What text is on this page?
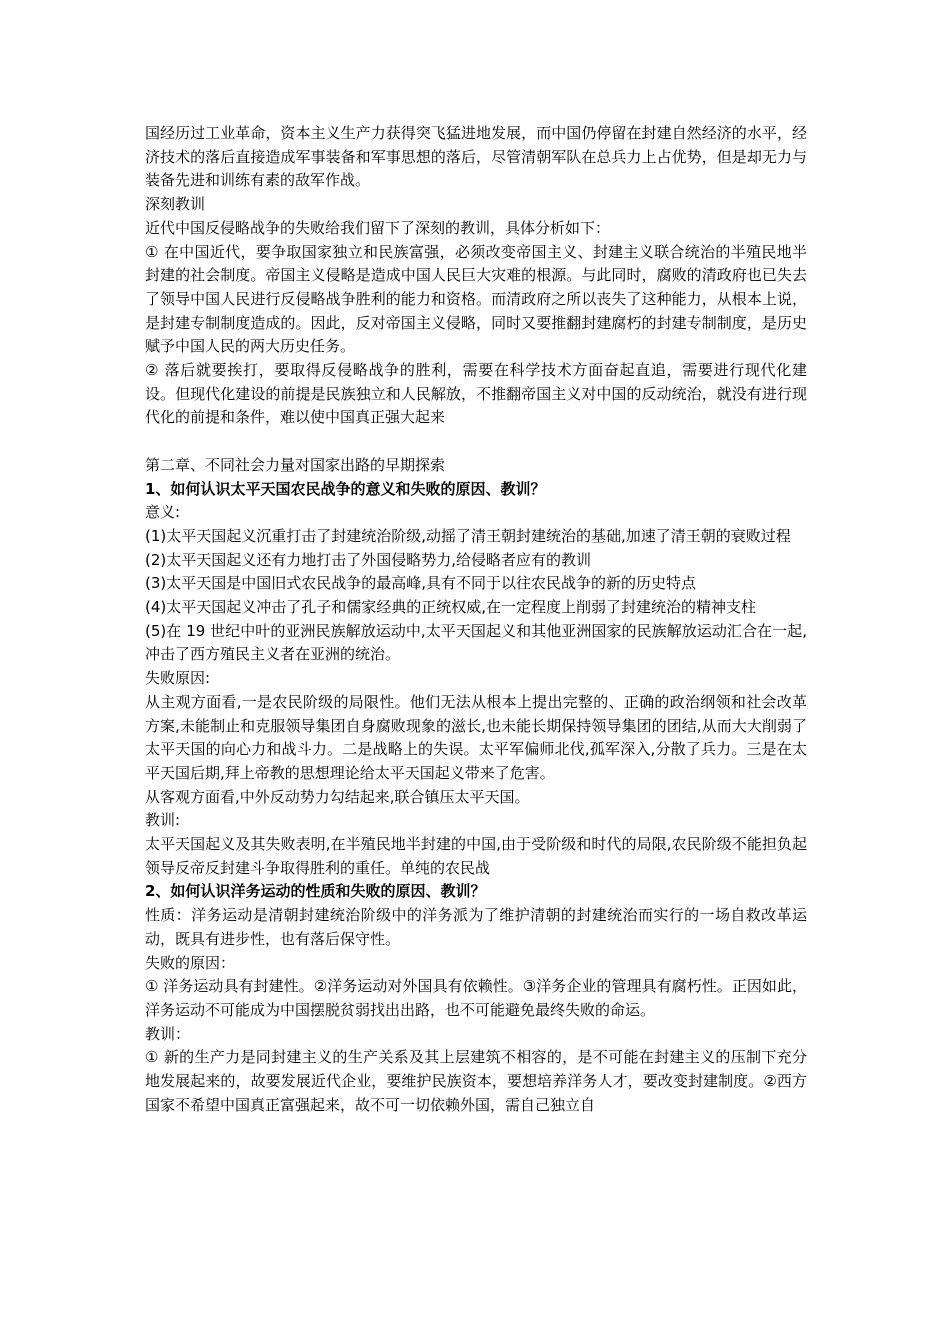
国经历过工业革命，资本主义生产力获得突飞猛进地发展，而中国仍停留在封建自然经济的水平，经济技术的落后直接造成军事装备和军事思想的落后，尽管清朝军队在总兵力上占优势，但是却无力与装备先进和训练有素的敌军作战。

深刻教训

近代中国反侵略战争的失败给我们留下了深刻的教训，具体分析如下：

① 在中国近代，要争取国家独立和民族富强，必须改变帝国主义、封建主义联合统治的半殖民地半封建的社会制度。帝国主义侵略是造成中国人民巨大灾难的根源。与此同时，腐败的清政府也已失去了领导中国人民进行反侵略战争胜利的能力和资格。而清政府之所以丧失了这种能力，从根本上说，是封建专制制度造成的。因此，反对帝国主义侵略，同时又要推翻封建腐朽的封建专制制度，是历史赋予中国人民的两大历史任务。

② 落后就要挨打，要取得反侵略战争的胜利，需要在科学技术方面奋起直追，需要进行现代化建设。但现代化建设的前提是民族独立和人民解放，不推翻帝国主义对中国的反动统治，就没有进行现代化的前提和条件，难以使中国真正强大起来

第二章、不同社会力量对国家出路的早期探索

1、如何认识太平天国农民战争的意义和失败的原因、教训？

意义:

(1)太平天国起义沉重打击了封建统治阶级,动摇了清王朝封建统治的基础,加速了清王朝的衰败过程

(2)太平天国起义还有力地打击了外国侵略势力,给侵略者应有的教训

(3)太平天国是中国旧式农民战争的最高峰,具有不同于以往农民战争的新的历史特点

(4)太平天国起义冲击了孔子和儒家经典的正统权威,在一定程度上削弱了封建统治的精神支柱

(5)在 19 世纪中叶的亚洲民族解放运动中,太平天国起义和其他亚洲国家的民族解放运动汇合在一起,冲击了西方殖民主义者在亚洲的统治。

失败原因:

从主观方面看,一是农民阶级的局限性。他们无法从根本上提出完整的、正确的政治纲领和社会改革方案,未能制止和克服领导集团自身腐败现象的滋长,也未能长期保持领导集团的团结,从而大大削弱了太平天国的向心力和战斗力。二是战略上的失误。太平军偏师北伐,孤军深入,分散了兵力。三是在太平天国后期,拜上帝教的思想理论给太平天国起义带来了危害。

从客观方面看,中外反动势力勾结起来,联合镇压太平天国。

教训:

太平天国起义及其失败表明,在半殖民地半封建的中国,由于受阶级和时代的局限,农民阶级不能担负起领导反帝反封建斗争取得胜利的重任。单纯的农民战

2、如何认识洋务运动的性质和失败的原因、教训？

性质：洋务运动是清朝封建统治阶级中的洋务派为了维护清朝的封建统治而实行的一场自救改革运动，既具有进步性，也有落后保守性。

失败的原因：

① 洋务运动具有封建性。②洋务运动对外国具有依赖性。③洋务企业的管理具有腐朽性。正因如此，洋务运动不可能成为中国摆脱贫弱找出出路，也不可能避免最终失败的命运。

教训：

① 新的生产力是同封建主义的生产关系及其上层建筑不相容的，是不可能在封建主义的压制下充分地发展起来的，故要发展近代企业，要维护民族资本，要想培养洋务人才，要改变封建制度。②西方国家不希望中国真正富强起来，故不可一切依赖外国，需自己独立自
